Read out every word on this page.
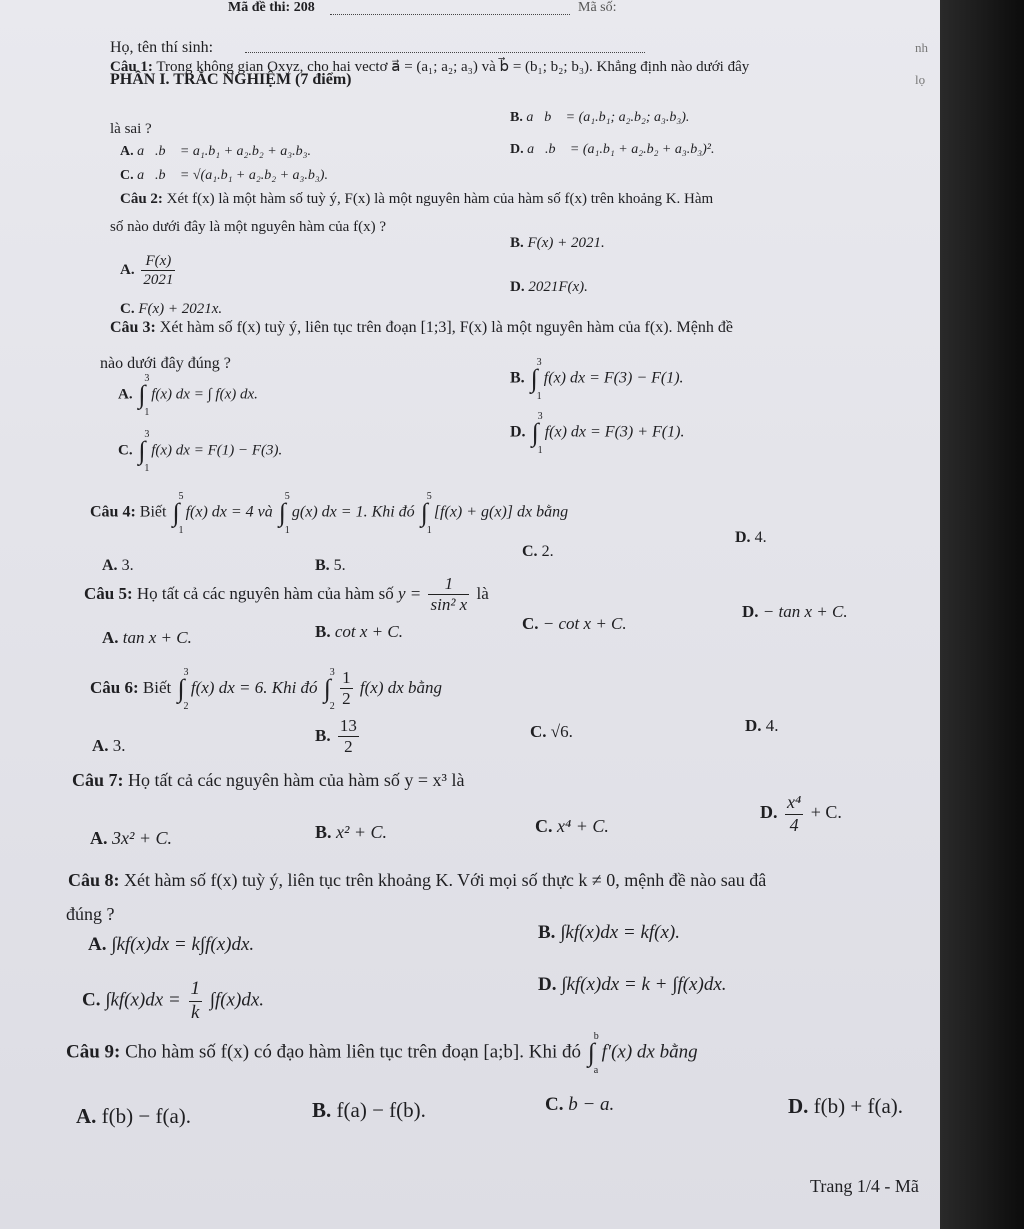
Mã đề thi: 208	Mã số:
Họ, tên thí sinh:	nh
lọ
PHẦN I. TRẮC NGHIỆM (7 điểm)
Câu 1: Trong không gian Oxyz, cho hai vectơ a⃗ = (a₁; a₂; a₃) và b⃗ = (b₁; b₂; b₃). Khẳng định nào dưới đây
là sai ?
A. a⃗.b⃗ = a₁.b₁ + a₂.b₂ + a₃.b₃.
B. a⃗b⃗ = (a₁.b₁; a₂.b₂; a₃.b₃).
C. a⃗.b⃗ = √(a₁.b₁ + a₂.b₂ + a₃.b₃).
D. a⃗.b⃗ = (a₁.b₁ + a₂.b₂ + a₃.b₃)².
Câu 2: Xét f(x) là một hàm số tuỳ ý, F(x) là một nguyên hàm của hàm số f(x) trên khoảng K. Hàm
số nào dưới đây là một nguyên hàm của f(x) ?
A. $\frac{F(x)}{2021}$
B. F(x) + 2021.
C. F(x) + 2021x.
D. 2021F(x).
Câu 3: Xét hàm số f(x) tuỳ ý, liên tục trên đoạn [1;3], F(x) là một nguyên hàm của f(x). Mệnh đề
nào dưới đây đúng ?
A. ∫
3
1
f(x) dx = ∫ f(x) dx.
B. ∫
3
1
f(x) dx = F(3) − F(1).
C. ∫
3
1
f(x) dx = F(1) − F(3).
D. ∫
3
1
f(x) dx = F(3) + F(1).
Câu 4: Biết ∫
5
1
f(x) dx = 4 và ∫
5
1
g(x) dx = 1. Khi đó ∫
5
1
[f(x) + g(x)] dx bằng
A. 3.	B. 5.
C. 2.
D. 4.
Câu 5: Họ tất cả các nguyên hàm của hàm số $y = \frac{1}{\text{sin² x}}$ là
A. tan x + C.	B. cot x + C.	C. − cot x + C.
D. − tan x + C.
Câu 6: Biết ∫
3
2
f(x) dx = 6. Khi đó ∫
3
2
$\frac{1}{2} f(x)$ dx bằng
A. 3.
B. $\frac{13}{2}$	C. √6.	D. 4.
Câu 7: Họ tất cả các nguyên hàm của hàm số y = x³ là
A. 3x² + C.	B. x² + C.	C. x⁴ + C.
D. $\frac{\text{x⁴}}{4} + C$.
Câu 8: Xét hàm số f(x) tuỳ ý, liên tục trên khoảng K. Với mọi số thực k ≠ 0, mệnh đề nào sau đâ
đúng ?
A. ∫kf(x)dx = k∫f(x)dx.
B. ∫kf(x)dx = kf(x).
C. $\int kf(x)dx = \frac{1}{k} \int f(x)dx$.
D. ∫kf(x)dx = k + ∫f(x)dx.
Câu 9: Cho hàm số f(x) có đạo hàm liên tục trên đoạn [a;b]. Khi đó ∫
b
a
f′(x) dx bằng
A. f(b) − f(a).	B. f(a) − f(b).	C. b − a.	D. f(b) + f(a).
Trang 1/4 - Mã
